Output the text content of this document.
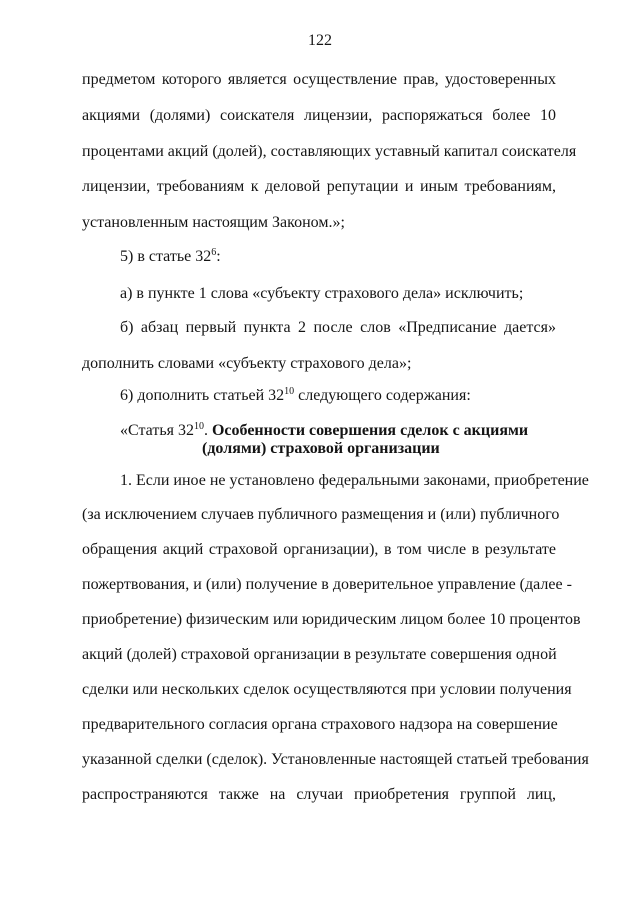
122
предметом которого является осуществление прав, удостоверенных
акциями (долями) соискателя лицензии, распоряжаться более 10
процентами акций (долей), составляющих уставный капитал соискателя
лицензии, требованиям к деловой репутации и иным требованиям,
установленным настоящим Законом.»;
5) в статье $32^6$:
а) в пункте 1 слова «субъекту страхового дела» исключить;
б) абзац первый пункта 2 после слов «Предписание дается»
дополнить словами «субъекту страхового дела»;
6) дополнить статьей $32^{10}$ следующего содержания:
«Статья $32^{10}$. Особенности совершения сделок с акциями
(долями) страховой организации
1. Если иное не установлено федеральными законами, приобретение
(за исключением случаев публичного размещения и (или) публичного
обращения акций страховой организации), в том числе в результате
пожертвования, и (или) получение в доверительное управление (далее -
приобретение) физическим или юридическим лицом более 10 процентов
акций (долей) страховой организации в результате совершения одной
сделки или нескольких сделок осуществляются при условии получения
предварительного согласия органа страхового надзора на совершение
указанной сделки (сделок). Установленные настоящей статьей требования
распространяются также на случаи приобретения группой лиц,
